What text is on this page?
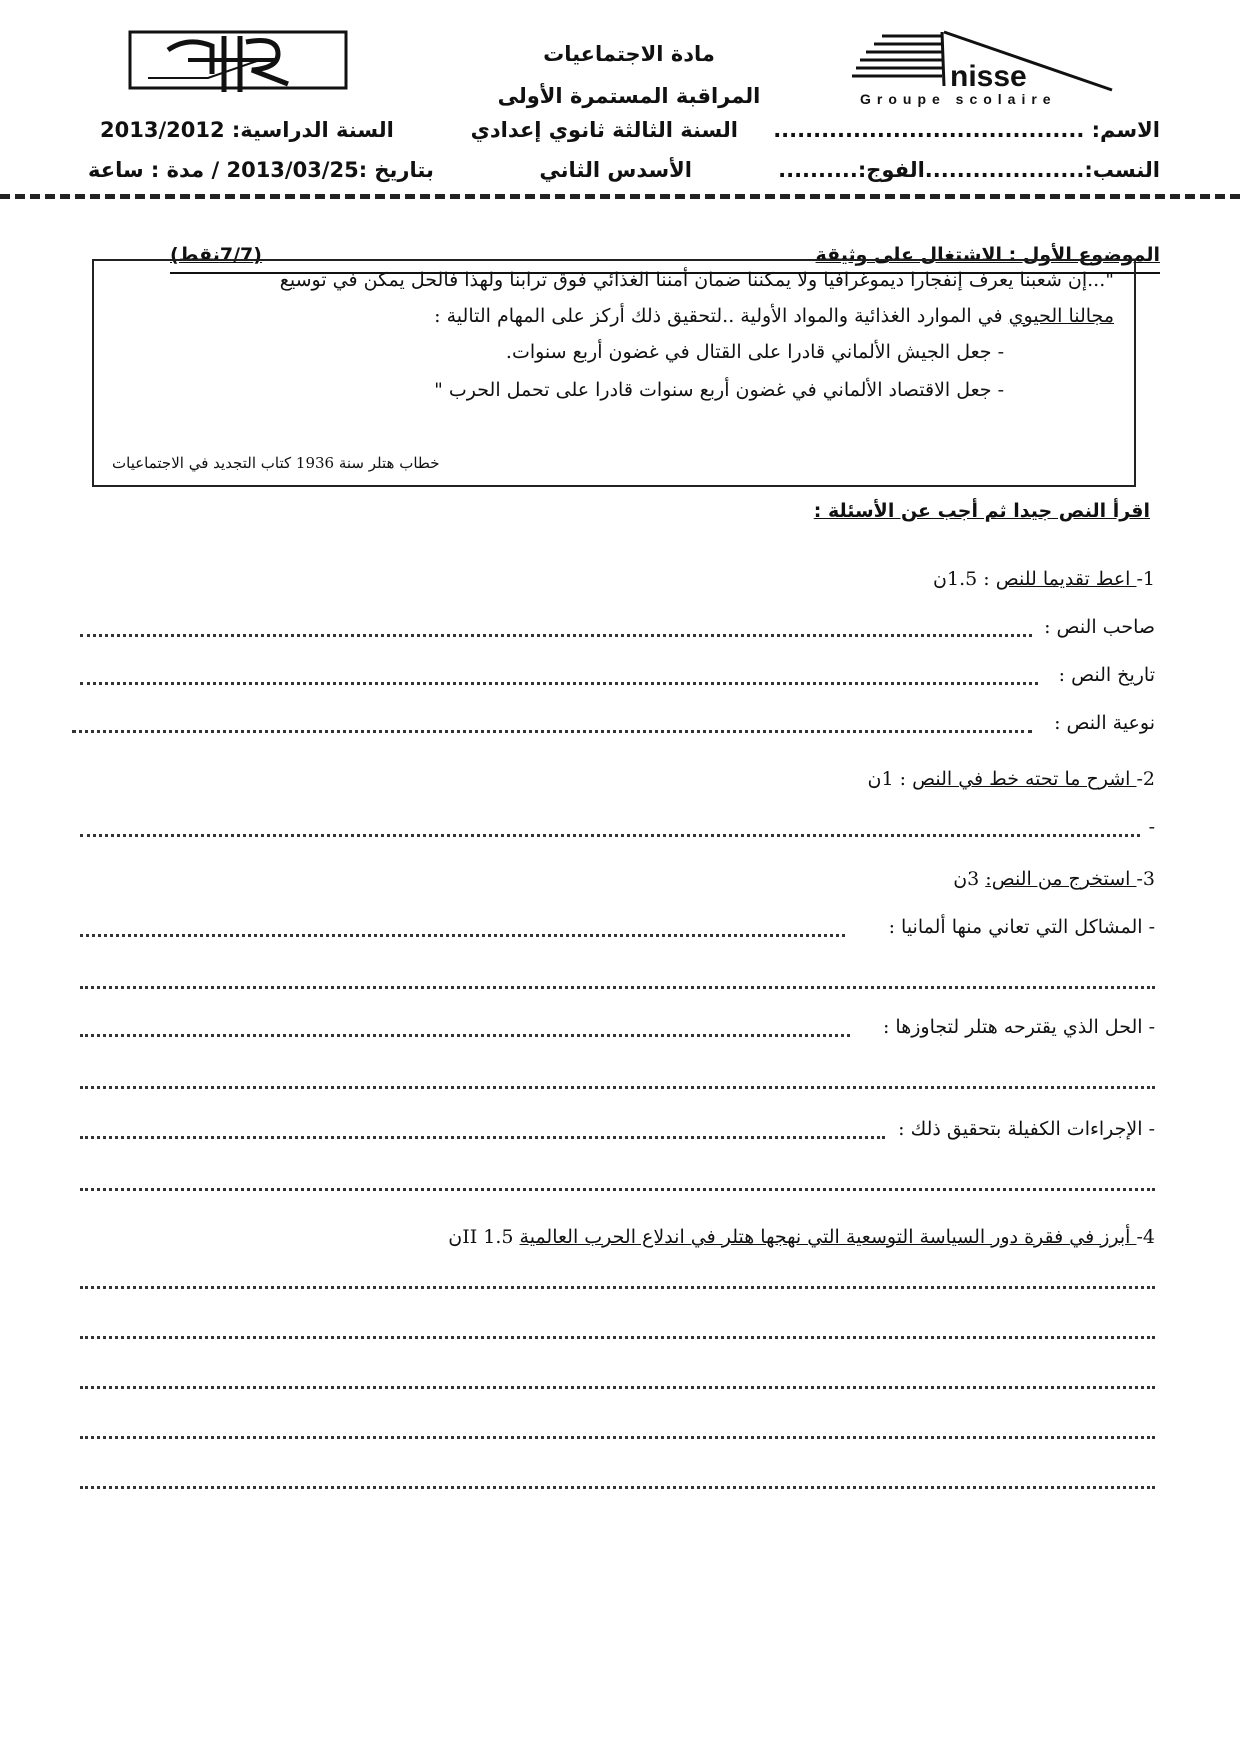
nisse
Groupe scolaire
مادة الاجتماعيات
المراقبة المستمرة الأولى
السنة الثالثة ثانوي إعدادي
الأسدس الثاني
السنة الدراسية: 2013/2012
بتاريخ :2013/03/25 / مدة : ساعة
الاسم: .......................................
النسب:....................الفوج:..........
الموضوع الأول : الاشتغال على وثيقة
(7/7نقط)
"...إن شعبنا يعرف إنفجارا ديموغرافيا ولا يمكننا ضمان أمننا الغذائي فوق ترابنا ولهذا فالحل يمكن في توسيع
مجالنا الحيوي في الموارد الغذائية والمواد الأولية ..لتحقيق ذلك أركز على المهام التالية :
- جعل الجيش الألماني قادرا على القتال في غضون أربع سنوات.
- جعل الاقتصاد الألماني في غضون أربع سنوات قادرا على تحمل الحرب "
خطاب هتلر سنة 1936 كتاب التجديد في الاجتماعيات
اقرأ النص جيدا ثم أجب عن الأسئلة :
1- اعط تقديما للنص : 1.5ن
صاحب النص :
تاريخ النص :
نوعية النص :
2- اشرح ما تحته خط في النص : 1ن
-
3- استخرج من النص: 3ن
- المشاكل التي تعاني منها ألمانيا :
- الحل الذي يقترحه هتلر لتجاوزها :
- الإجراءات الكفيلة بتحقيق ذلك :
4- أبرز في فقرة دور السياسة التوسعية التي نهجها هتلر في اندلاع الحرب العالمية II 1.5ن
